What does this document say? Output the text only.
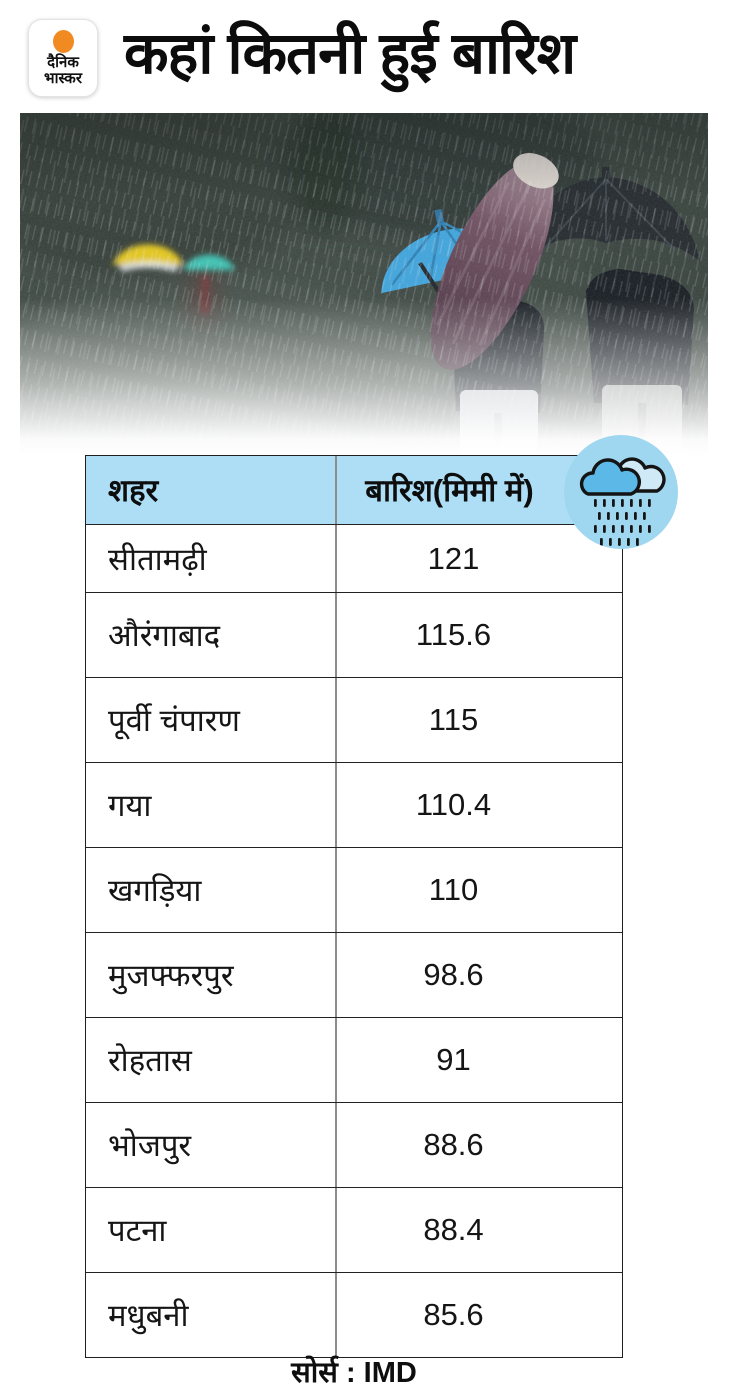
दैनिक
भास्कर कहां कितनी हुई बारिश
शहर	बारिश(मिमी में)
सीतामढ़ी	121
औरंगाबाद	115.6
पूर्वी चंपारण	115
गया	110.4
खगड़िया	110
मुजफ्फरपुर	98.6
रोहतास	91
भोजपुर	88.6
पटना	88.4
मधुबनी	85.6
सोर्स : IMD
